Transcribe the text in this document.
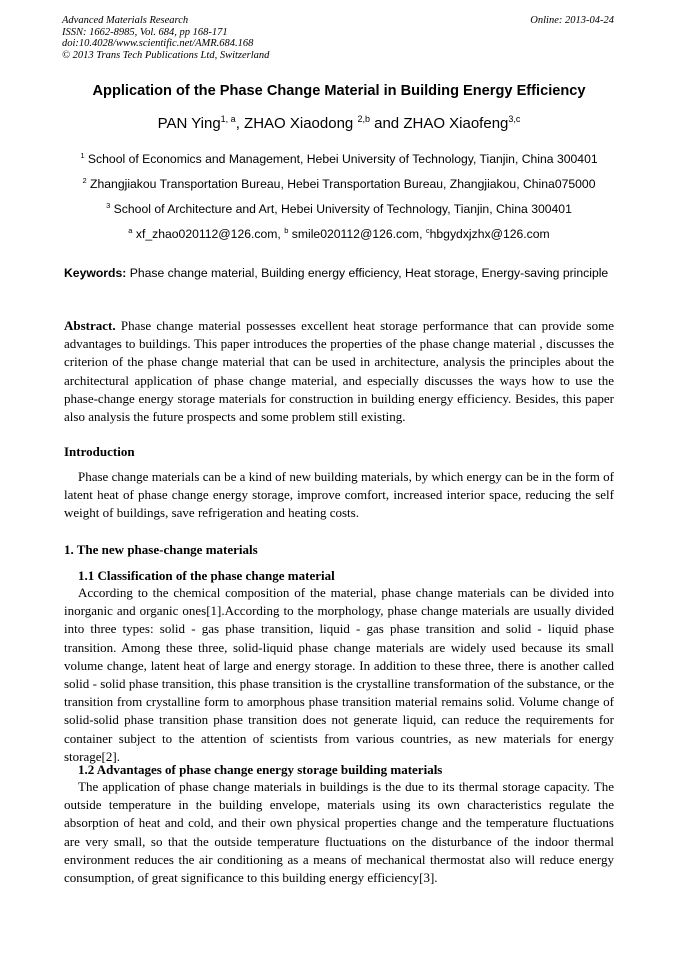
Advanced Materials Research
ISSN: 1662-8985, Vol. 684, pp 168-171
doi:10.4028/www.scientific.net/AMR.684.168
© 2013 Trans Tech Publications Ltd, Switzerland
Online: 2013-04-24
Application of the Phase Change Material in Building Energy Efficiency
PAN Ying$^{1, a}$, ZHAO Xiaodong $^{2,b}$ and ZHAO Xiaofeng$^{3,c}$
$^1$ School of Economics and Management, Hebei University of Technology, Tianjin, China 300401
$^2$ Zhangjiakou Transportation Bureau, Hebei Transportation Bureau, Zhangjiakou, China075000
$^3$ School of Architecture and Art, Hebei University of Technology, Tianjin, China 300401
$^a$ xf_zhao020112@126.com, $^b$ smile020112@126.com, $^c$hbgydxjzhx@126.com
Keywords: Phase change material, Building energy efficiency, Heat storage, Energy-saving principle
Abstract. Phase change material possesses excellent heat storage performance that can provide some advantages to buildings. This paper introduces the properties of the phase change material , discusses the criterion of the phase change material that can be used in architecture, analysis the principles about the architectural application of phase change material, and especially discusses the ways how to use the phase-change energy storage materials for construction in building energy efficiency. Besides, this paper also analysis the future prospects and some problem still existing.
Introduction
Phase change materials can be a kind of new building materials, by which energy can be in the form of latent heat of phase change energy storage, improve comfort, increased interior space, reducing the self weight of buildings, save refrigeration and heating costs.
1. The new phase-change materials
1.1 Classification of the phase change material
According to the chemical composition of the material, phase change materials can be divided into inorganic and organic ones[1].According to the morphology, phase change materials are usually divided into three types: solid - gas phase transition, liquid - gas phase transition and solid - liquid phase transition. Among these three, solid-liquid phase change materials are widely used because its small volume change, latent heat of large and energy storage. In addition to these three, there is another called solid - solid phase transition, this phase transition is the crystalline transformation of the substance, or the transition from crystalline form to amorphous phase transition material remains solid. Volume change of solid-solid phase transition phase transition does not generate liquid, can reduce the requirements for container subject to the attention of scientists from various countries, as new materials for energy storage[2].
1.2 Advantages of phase change energy storage building materials
The application of phase change materials in buildings is the due to its thermal storage capacity. The outside temperature in the building envelope, materials using its own characteristics regulate the absorption of heat and cold, and their own physical properties change and the temperature fluctuations are very small, so that the outside temperature fluctuations on the disturbance of the indoor thermal environment reduces the air conditioning as a means of mechanical thermostat also will reduce energy consumption, of great significance to this building energy efficiency[3].
